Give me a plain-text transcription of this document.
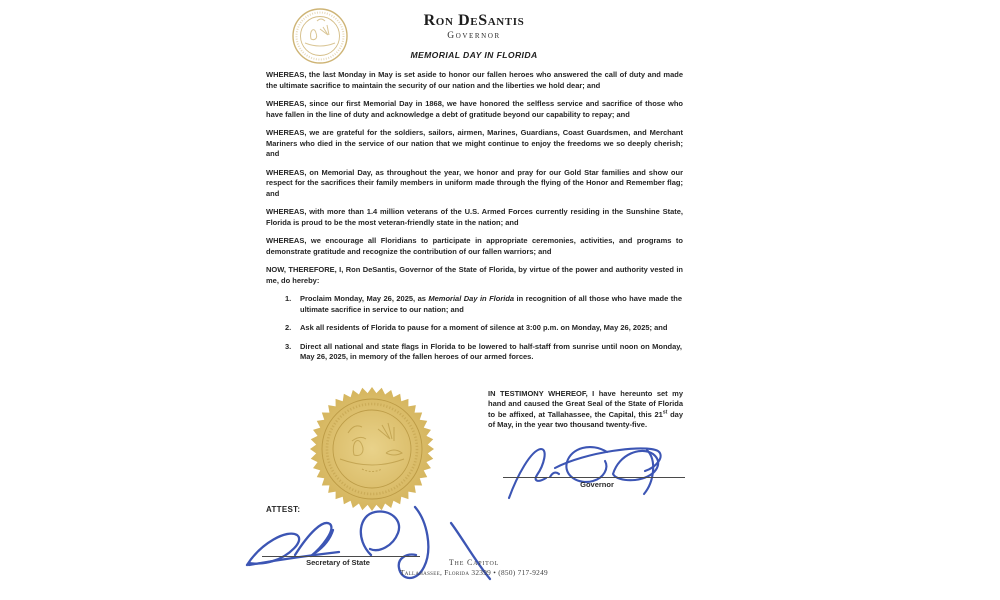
Ron DeSantis
Governor
MEMORIAL DAY IN FLORIDA

WHEREAS, the last Monday in May is set aside to honor our fallen heroes who answered the call of duty and made the ultimate sacrifice to maintain the security of our nation and the liberties we hold dear; and

WHEREAS, since our first Memorial Day in 1868, we have honored the selfless service and sacrifice of those who have fallen in the line of duty and acknowledge a debt of gratitude beyond our capability to repay; and

WHEREAS, we are grateful for the soldiers, sailors, airmen, Marines, Guardians, Coast Guardsmen, and Merchant Mariners who died in the service of our nation that we might continue to enjoy the freedoms we so deeply cherish; and

WHEREAS, on Memorial Day, as throughout the year, we honor and pray for our Gold Star families and show our respect for the sacrifices their family members in uniform made through the flying of the Honor and Remember flag; and

WHEREAS, with more than 1.4 million veterans of the U.S. Armed Forces currently residing in the Sunshine State, Florida is proud to be the most veteran-friendly state in the nation; and

WHEREAS, we encourage all Floridians to participate in appropriate ceremonies, activities, and programs to demonstrate gratitude and recognize the contribution of our fallen warriors; and

NOW, THEREFORE, I, Ron DeSantis, Governor of the State of Florida, by virtue of the power and authority vested in me, do hereby:

1.	Proclaim Monday, May 26, 2025, as Memorial Day in Florida in recognition of all those who have made the ultimate sacrifice in service to our nation; and
2.	Ask all residents of Florida to pause for a moment of silence at 3:00 p.m. on Monday, May 26, 2025; and
3.	Direct all national and state flags in Florida to be lowered to half-staff from sunrise until noon on Monday, May 26, 2025, in memory of the fallen heroes of our armed forces.
IN TESTIMONY WHEREOF, I have hereunto set my hand and caused the Great Seal of the State of Florida to be affixed, at Tallahassee, the Capital, this 21st day of May, in the year two thousand twenty-five.
Governor
ATTEST:
Secretary of State	The Capitol
Tallahassee, Florida 32399 • (850) 717-9249
